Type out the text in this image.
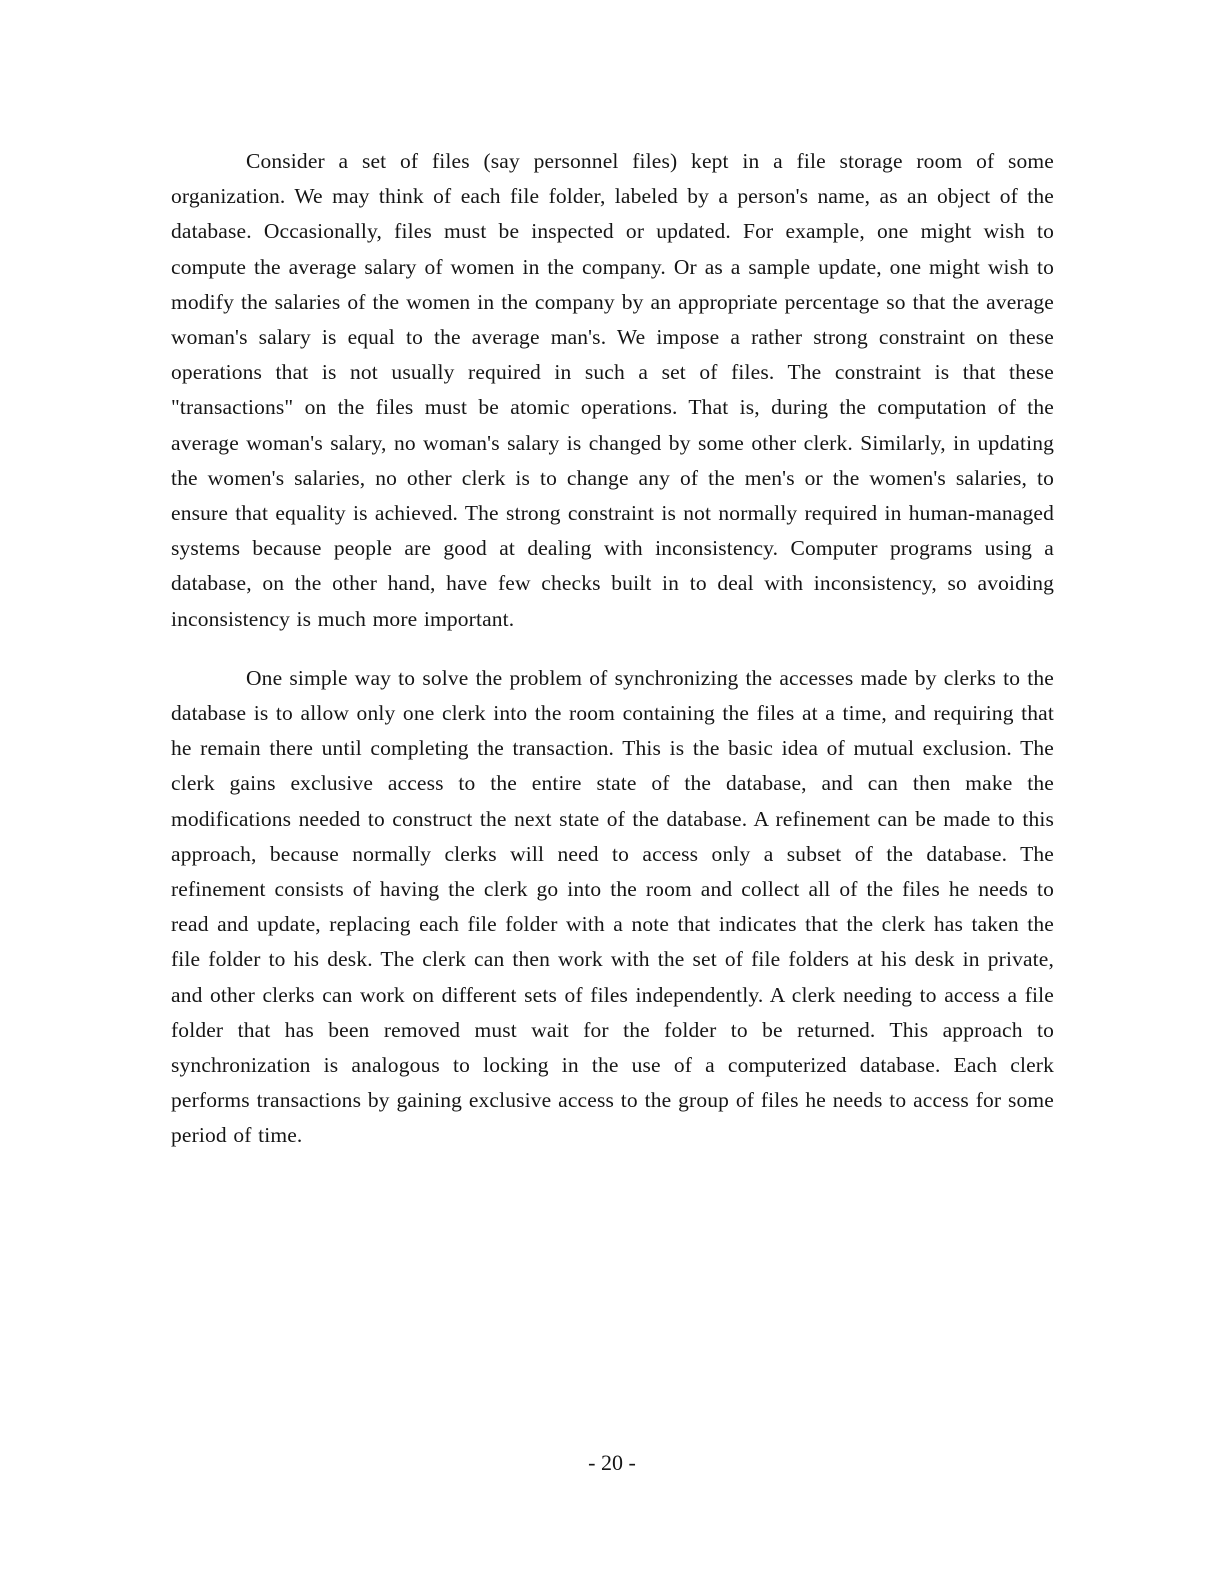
Consider a set of files (say personnel files) kept in a file storage room of some organization. We may think of each file folder, labeled by a person's name, as an object of the database. Occasionally, files must be inspected or updated. For example, one might wish to compute the average salary of women in the company. Or as a sample update, one might wish to modify the salaries of the women in the company by an appropriate percentage so that the average woman's salary is equal to the average man's. We impose a rather strong constraint on these operations that is not usually required in such a set of files. The constraint is that these "transactions" on the files must be atomic operations. That is, during the computation of the average woman's salary, no woman's salary is changed by some other clerk. Similarly, in updating the women's salaries, no other clerk is to change any of the men's or the women's salaries, to ensure that equality is achieved. The strong constraint is not normally required in human-managed systems because people are good at dealing with inconsistency. Computer programs using a database, on the other hand, have few checks built in to deal with inconsistency, so avoiding inconsistency is much more important.

One simple way to solve the problem of synchronizing the accesses made by clerks to the database is to allow only one clerk into the room containing the files at a time, and requiring that he remain there until completing the transaction. This is the basic idea of mutual exclusion. The clerk gains exclusive access to the entire state of the database, and can then make the modifications needed to construct the next state of the database. A refinement can be made to this approach, because normally clerks will need to access only a subset of the database. The refinement consists of having the clerk go into the room and collect all of the files he needs to read and update, replacing each file folder with a note that indicates that the clerk has taken the file folder to his desk. The clerk can then work with the set of file folders at his desk in private, and other clerks can work on different sets of files independently. A clerk needing to access a file folder that has been removed must wait for the folder to be returned. This approach to synchronization is analogous to locking in the use of a computerized database. Each clerk performs transactions by gaining exclusive access to the group of files he needs to access for some period of time.

- 20 -
